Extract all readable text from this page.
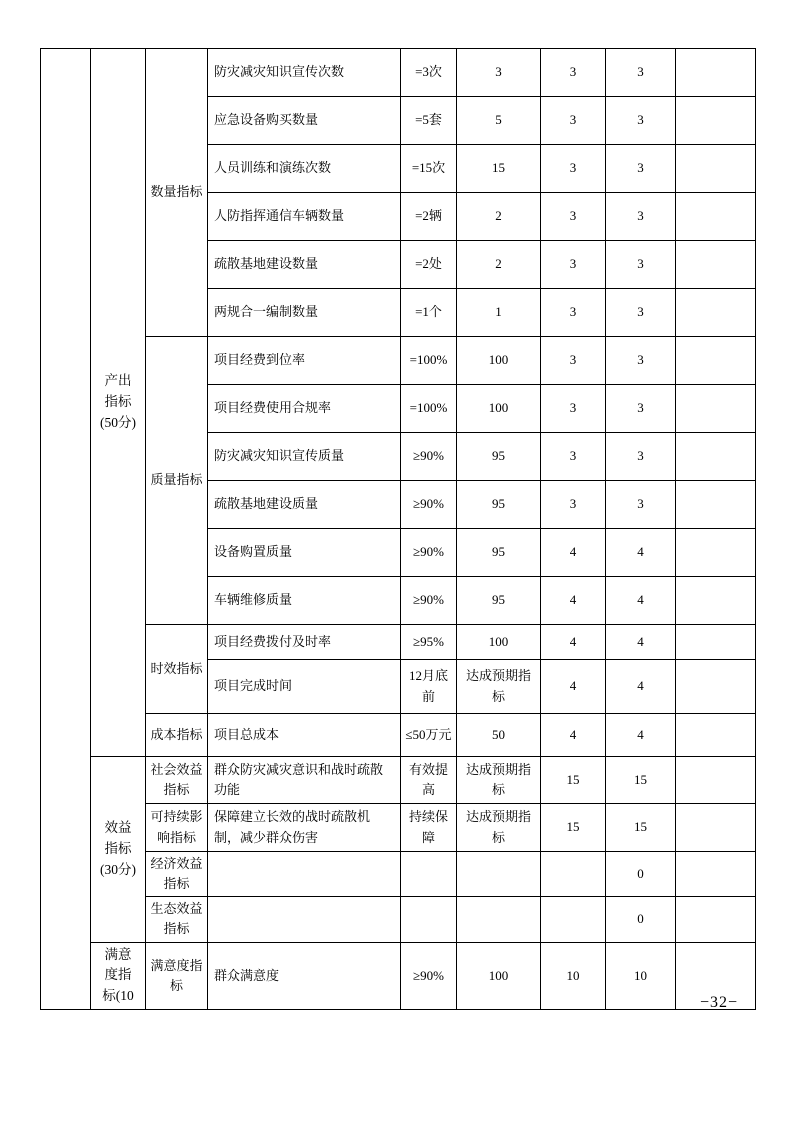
	产出指标(50分)	数量指标	防灾减灾知识宣传次数	=3次	3	3	3	
			应急设备购买数量	=5套	5	3	3	
			人员训练和演练次数	=15次	15	3	3	
			人防指挥通信车辆数量	=2辆	2	3	3	
			疏散基地建设数量	=2处	2	3	3	
			两规合一编制数量	=1个	1	3	3	
		质量指标	项目经费到位率	=100%	100	3	3	
			项目经费使用合规率	=100%	100	3	3	
			防灾减灾知识宣传质量	≥90%	95	3	3	
			疏散基地建设质量	≥90%	95	3	3	
			设备购置质量	≥90%	95	4	4	
			车辆维修质量	≥90%	95	4	4	
		时效指标	项目经费拨付及时率	≥95%	100	4	4	
			项目完成时间	12月底前	达成预期指标	4	4	
		成本指标	项目总成本	≤50万元	50	4	4	
	效益指标(30分)	社会效益指标	群众防灾减灾意识和战时疏散功能	有效提高	达成预期指标	15	15	
		可持续影响指标	保障建立长效的战时疏散机制，减少群众伤害	持续保障	达成预期指标	15	15	
		经济效益指标					0	
		生态效益指标					0	
	满意度指标(10	满意度指标	群众满意度	≥90%	100	10	10	
−32−
